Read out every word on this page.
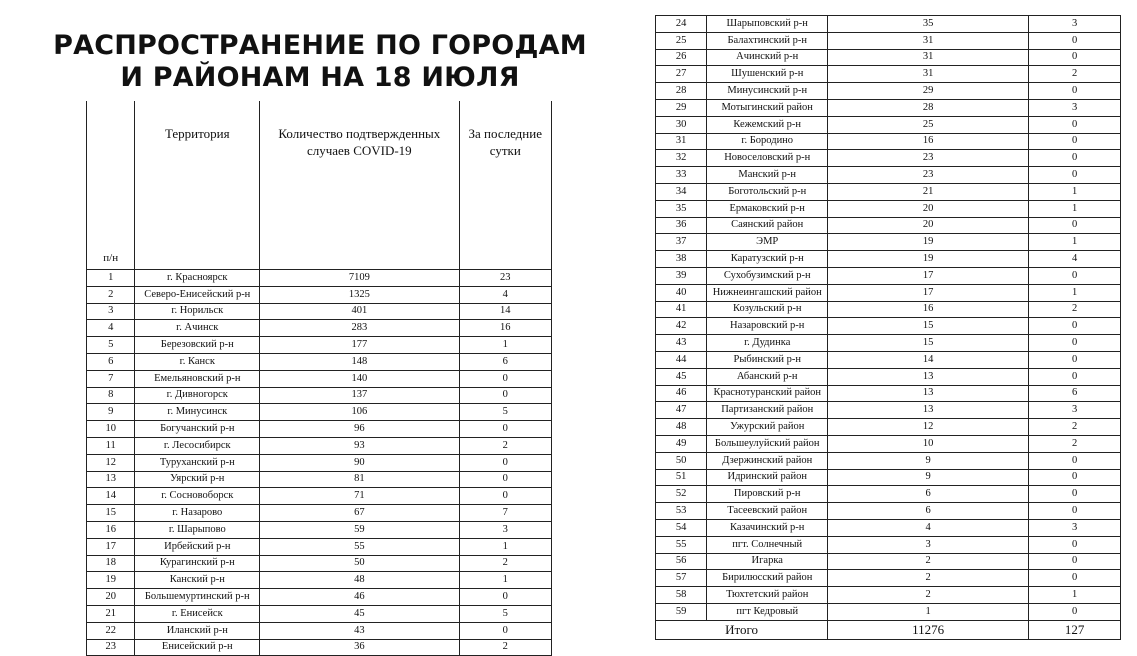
РАСПРОСТРАНЕНИЕ ПО ГОРОДАМ
И РАЙОНАМ НА 18 ИЮЛЯ
п/н	Территория	Количество подтвержденных случаев COVID-19	За последние сутки
1	г. Красноярск	7109	23
2	Северо-Енисейский р-н	1325	4
3	г. Норильск	401	14
4	г. Ачинск	283	16
5	Березовский р-н	177	1
6	г. Канск	148	6
7	Емельяновский р-н	140	0
8	г. Дивногорск	137	0
9	г. Минусинск	106	5
10	Богучанский р-н	96	0
11	г. Лесосибирск	93	2
12	Туруханский р-н	90	0
13	Уярский р-н	81	0
14	г. Сосновоборск	71	0
15	г. Назарово	67	7
16	г. Шарыпово	59	3
17	Ирбейский р-н	55	1
18	Курагинский р-н	50	2
19	Канский р-н	48	1
20	Большемуртинский р-н	46	0
21	г. Енисейск	45	5
22	Иланский р-н	43	0
23	Енисейский р-н	36	2
24	Шарыповский р-н	35	3
25	Балахтинский р-н	31	0
26	Ачинский р-н	31	0
27	Шушенский р-н	31	2
28	Минусинский р-н	29	0
29	Мотыгинский район	28	3
30	Кежемский р-н	25	0
31	г. Бородино	16	0
32	Новоселовский р-н	23	0
33	Манский р-н	23	0
34	Боготольский р-н	21	1
35	Ермаковский р-н	20	1
36	Саянский район	20	0
37	ЭМР	19	1
38	Каратузский р-н	19	4
39	Сухобузимский р-н	17	0
40	Нижнеингашский район	17	1
41	Козульский р-н	16	2
42	Назаровский р-н	15	0
43	г. Дудинка	15	0
44	Рыбинский р-н	14	0
45	Абанский р-н	13	0
46	Краснотуранский район	13	6
47	Партизанский район	13	3
48	Ужурский район	12	2
49	Большеулуйский район	10	2
50	Дзержинский район	9	0
51	Идринский район	9	0
52	Пировский р-н	6	0
53	Тасеевский район	6	0
54	Казачинский р-н	4	3
55	пгт. Солнечный	3	0
56	Игарка	2	0
57	Бирилюсский район	2	0
58	Тюхтетский район	2	1
59	пгт Кедровый	1	0
Итого		11276	127
